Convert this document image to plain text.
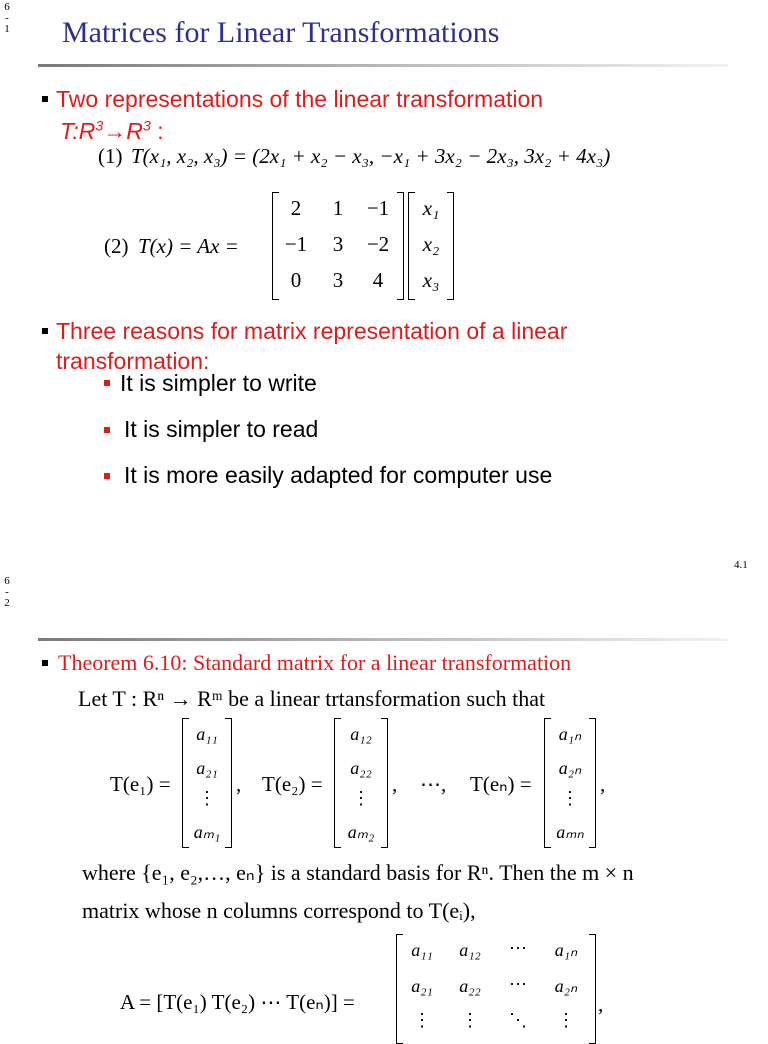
6
-
1 Matrices for Linear Transformations
Two representations of the linear transformation
$T:R^3\to R^3$ :
(1) T(x₁, x₂, x₃) = (2x₁ + x₂ − x₃, −x₁ + 3x₂ − 2x₃, 3x₂ + 4x₃)
(2) T(x) = Ax =
2	1	−1
−1	3	−2
0	3	4
x₁
x₂
x₃
Three reasons for matrix representation of a linear
transformation:
It is simpler to write
It is simpler to read
It is more easily adapted for computer use
4.1
6
-
2
Theorem 6.10: Standard matrix for a linear transformation
Let T : Rⁿ → Rᵐ be a linear trtansformation such that
T(e₁) =
a₁₁
a₂₁
⋮
aₘ₁
, T(e₂) =
a₁₂
a₂₂
⋮
aₘ₂
, ⋯, T(eₙ) =
a₁ₙ
a₂ₙ
⋮
aₘₙ
,
where {e₁, e₂,…, eₙ} is a standard basis for Rⁿ. Then the m × n
matrix whose n columns correspond to T(eᵢ),
A = [T(e₁) T(e₂) ⋯ T(eₙ)] =
a₁₁	a₁₂	⋯	a₁ₙ
a₂₁	a₂₂	⋯	a₂ₙ
⋮	⋮	⋱	⋮
,
